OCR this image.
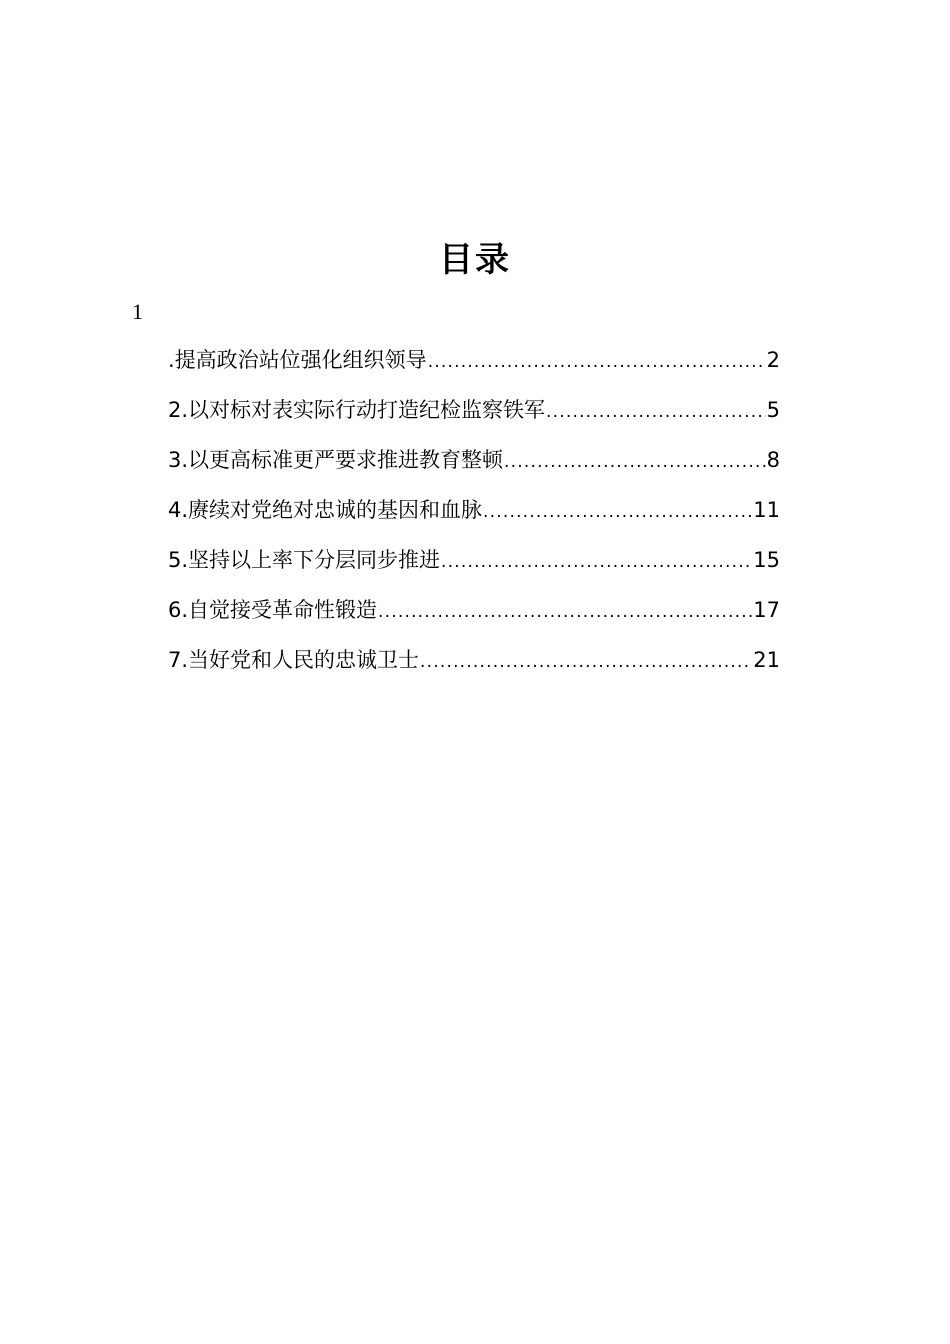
目录
1
. 提高政治站位强化组织领导 .....	2
2. 以对标对表实际行动打造纪检监察铁军 .....	5
3. 以更高标准更严要求推进教育整顿 .....	8
4. 赓续对党绝对忠诚的基因和血脉 .....	11
5. 坚持以上率下分层同步推进 .....	15
6. 自觉接受革命性锻造 .....	17
7. 当好党和人民的忠诚卫士 .....	21
